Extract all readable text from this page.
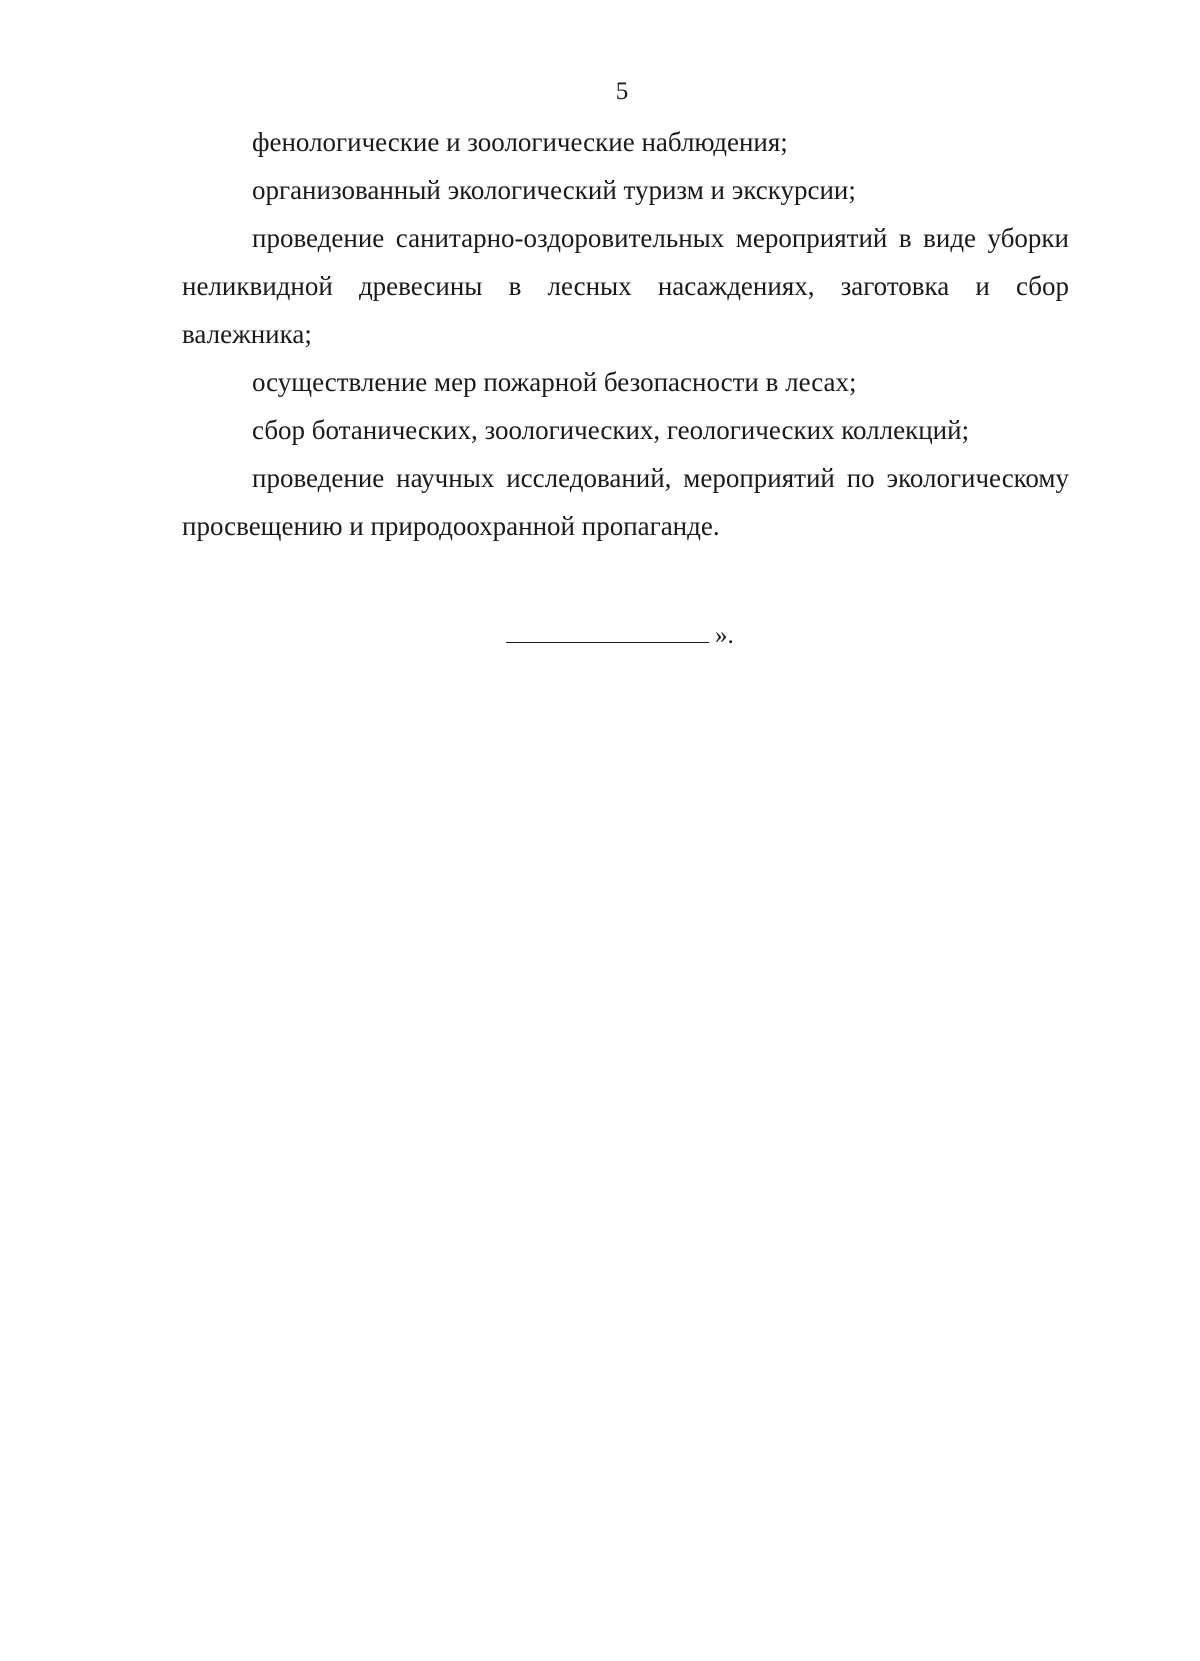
5

фенологические и зоологические наблюдения;

организованный экологический туризм и экскурсии;

проведение санитарно-оздоровительных мероприятий в виде уборки неликвидной древесины в лесных насаждениях, заготовка и сбор валежника;

осуществление мер пожарной безопасности в лесах;

сбор ботанических, зоологических, геологических коллекций;

проведение научных исследований, мероприятий по экологическому просвещению и природоохранной пропаганде.

».
